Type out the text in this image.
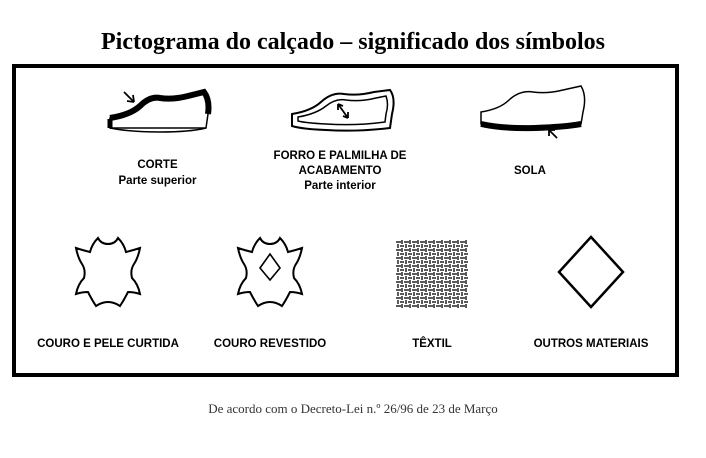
Pictograma do calçado – significado dos símbolos
CORTE
Parte superior
FORRO E PALMILHA DE
ACABAMENTO
Parte interior
SOLA
COURO E PELE CURTIDA	COURO REVESTIDO	TÊXTIL	OUTROS MATERIAIS
De acordo com o Decreto-Lei n.º 26/96 de 23 de Março
